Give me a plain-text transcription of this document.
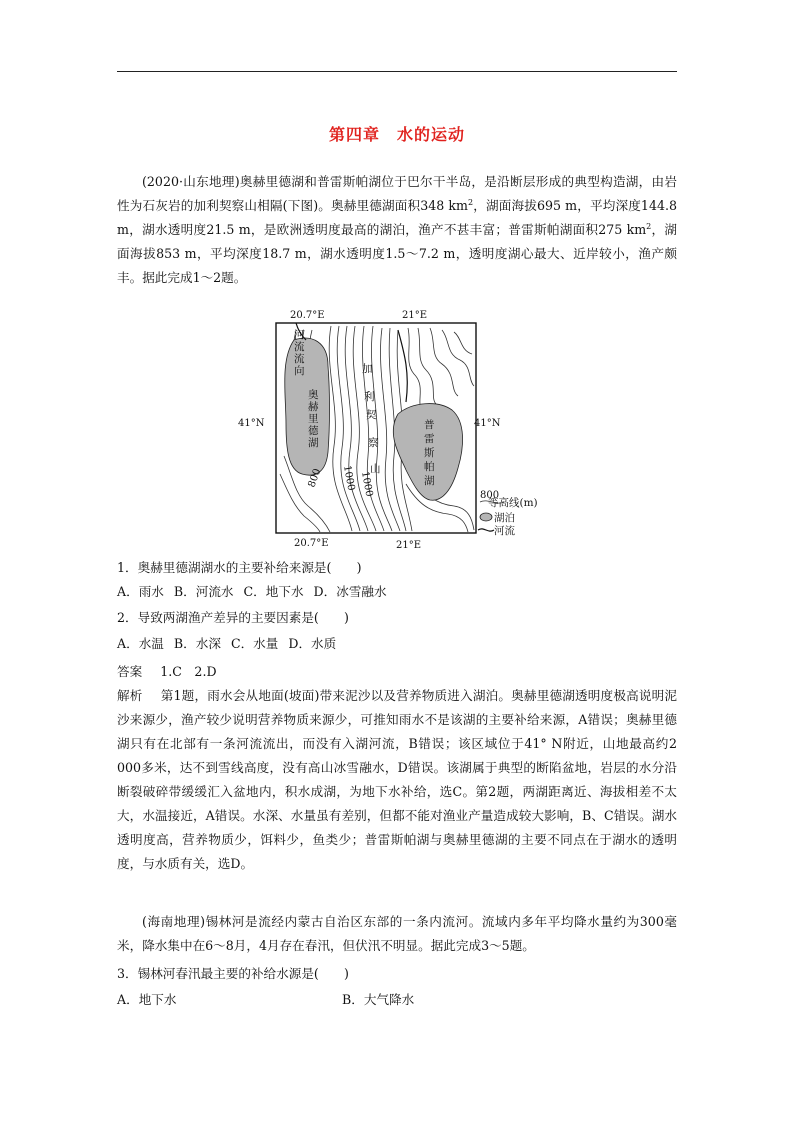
第四章　水的运动

(2020·山东地理)奥赫里德湖和普雷斯帕湖位于巴尔干半岛，是沿断层形成的典型构造湖，由岩性为石灰岩的加利契察山相隔(下图)。奥赫里德湖面积348 $km^2$，湖面海拔695 m，平均深度144.8 m，湖水透明度21.5 m，是欧洲透明度最高的湖泊，渔产不甚丰富；普雷斯帕湖面积275 $km^2$，湖面海拔853 m，平均深度18.7 m，湖水透明度1.5～7.2 m，透明度湖心最大、近岸较小，渔产颇丰。据此完成1～2题。

20.7°E	21°E
20.7°E	21°E
41°N	41°N
河
流
流
向
奥
赫
里
德
湖
加
利
契
察
山
普
雷
斯
帕
湖
800 1000 1000	800
等高线(m)
湖泊
河流

1．奥赫里德湖湖水的主要补给来源是(　　)

A．雨水 B．河流水 C．地下水 D．冰雪融水

2．导致两湖渔产差异的主要因素是(　　)

A．水温 B．水深 C．水量 D．水质

答案 1.C　2.D

解析 第1题，雨水会从地面(坡面)带来泥沙以及营养物质进入湖泊。奥赫里德湖透明度极高说明泥沙来源少，渔产较少说明营养物质来源少，可推知雨水不是该湖的主要补给来源，A错误；奥赫里德湖只有在北部有一条河流流出，而没有入湖河流，B错误；该区域位于41° N附近，山地最高约2 000多米，达不到雪线高度，没有高山冰雪融水，D错误。该湖属于典型的断陷盆地，岩层的水分沿断裂破碎带缓缓汇入盆地内，积水成湖，为地下水补给，选C。第2题，两湖距离近、海拔相差不太大，水温接近，A错误。水深、水量虽有差别，但都不能对渔业产量造成较大影响，B、C错误。湖水透明度高，营养物质少，饵料少，鱼类少；普雷斯帕湖与奥赫里德湖的主要不同点在于湖水的透明度，与水质有关，选D。

(海南地理)锡林河是流经内蒙古自治区东部的一条内流河。流域内多年平均降水量约为300毫米，降水集中在6～8月，4月存在春汛，但伏汛不明显。据此完成3～5题。

3．锡林河春汛最主要的补给水源是(　　)

A．地下水	B．大气降水
